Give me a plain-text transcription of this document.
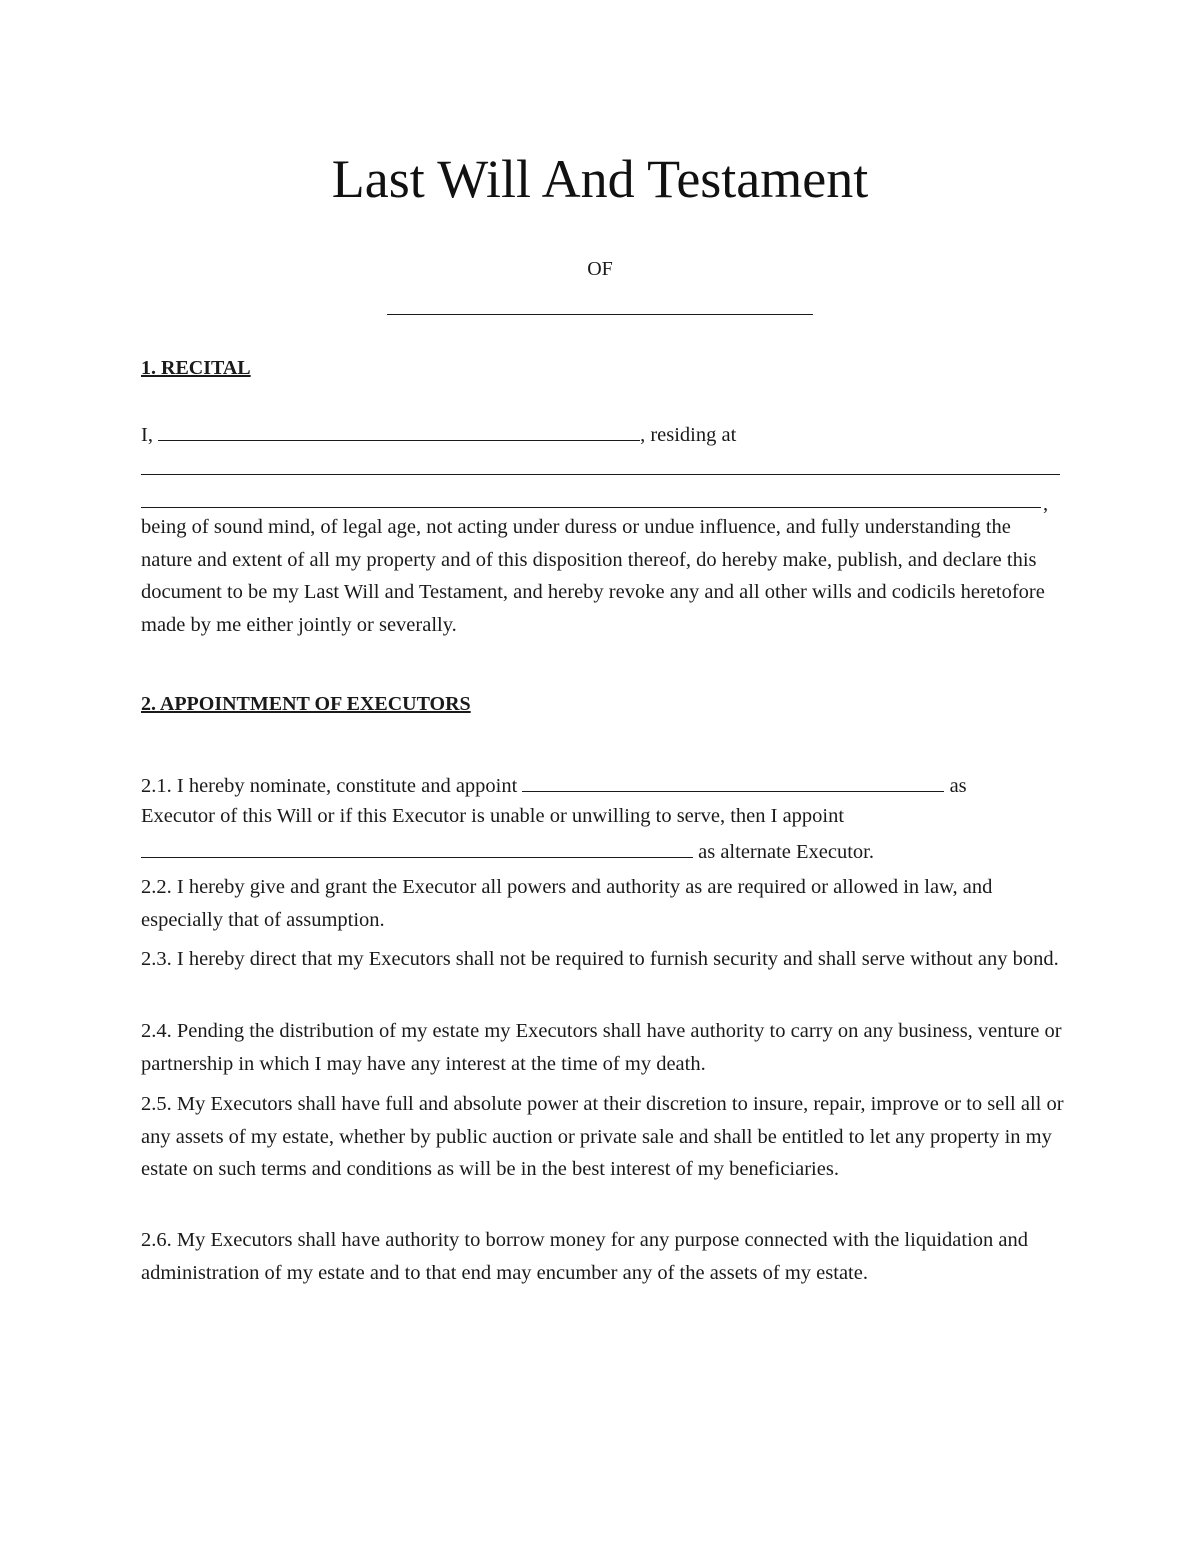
Last Will And Testament
OF
1. RECITAL
I,	, residing at
,
being of sound mind, of legal age, not acting under duress or undue influence, and fully understanding the nature and extent of all my property and of this disposition thereof, do hereby make, publish, and declare this document to be my Last Will and Testament, and hereby revoke any and all other wills and codicils heretofore made by me either jointly or severally.
2. APPOINTMENT OF EXECUTORS
2.1. I hereby nominate, constitute and appoint	as
Executor of this Will or if this Executor is unable or unwilling to serve, then I appoint
as alternate Executor.
2.2. I hereby give and grant the Executor all powers and authority as are required or allowed in law, and especially that of assumption.
2.3. I hereby direct that my Executors shall not be required to furnish security and shall serve without any bond.
2.4. Pending the distribution of my estate my Executors shall have authority to carry on any business, venture or partnership in which I may have any interest at the time of my death.
2.5. My Executors shall have full and absolute power at their discretion to insure, repair, improve or to sell all or any assets of my estate, whether by public auction or private sale and shall be entitled to let any property in my estate on such terms and conditions as will be in the best interest of my beneficiaries.
2.6. My Executors shall have authority to borrow money for any purpose connected with the liquidation and administration of my estate and to that end may encumber any of the assets of my estate.
